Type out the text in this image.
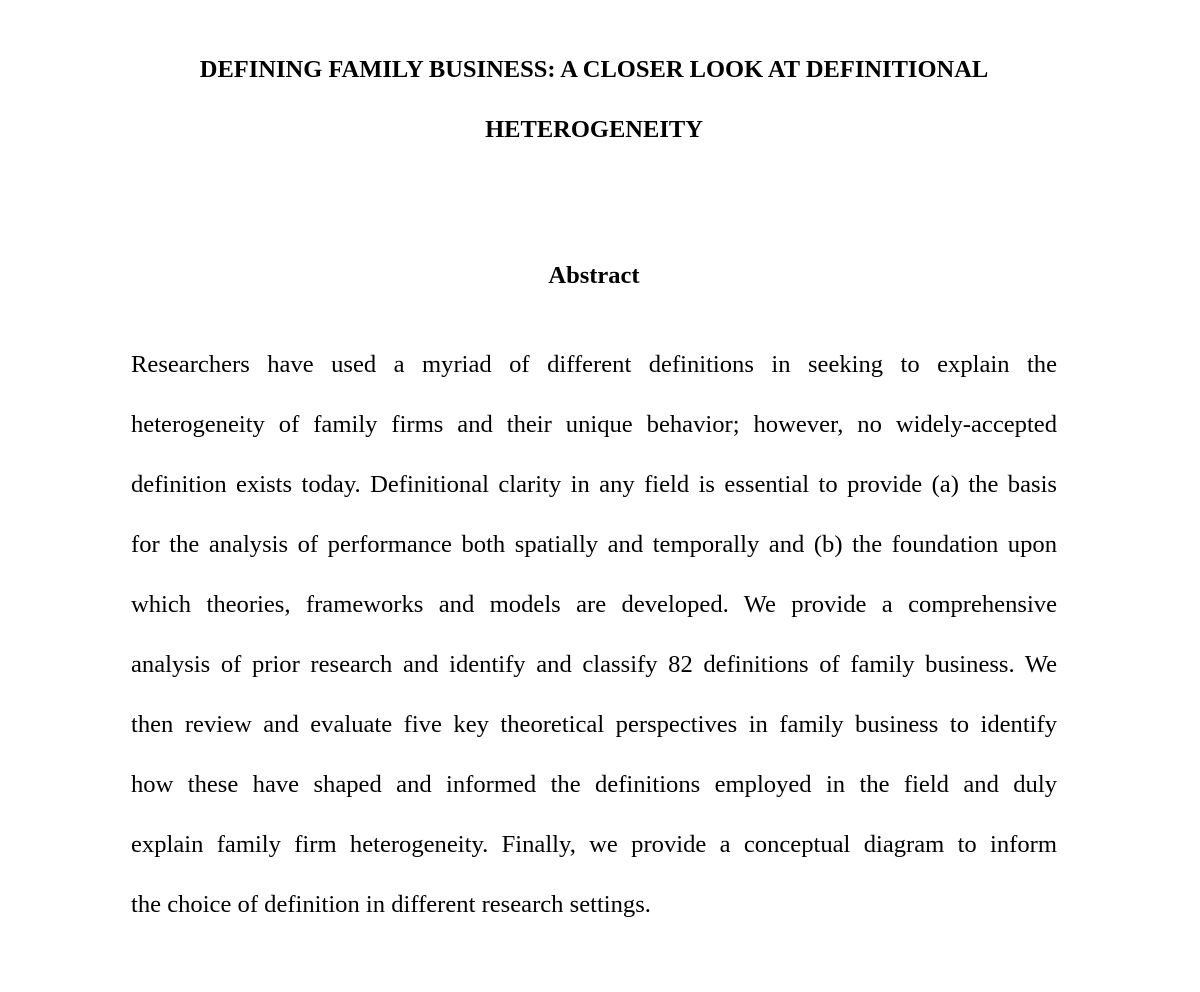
DEFINING FAMILY BUSINESS: A CLOSER LOOK AT DEFINITIONAL
HETEROGENEITY
Abstract
Researchers have used a myriad of different definitions in seeking to explain the
heterogeneity of family firms and their unique behavior; however, no widely-accepted
definition exists today. Definitional clarity in any field is essential to provide (a) the basis
for the analysis of performance both spatially and temporally and (b) the foundation upon
which theories, frameworks and models are developed. We provide a comprehensive
analysis of prior research and identify and classify 82 definitions of family business. We
then review and evaluate five key theoretical perspectives in family business to identify
how these have shaped and informed the definitions employed in the field and duly
explain family firm heterogeneity. Finally, we provide a conceptual diagram to inform
the choice of definition in different research settings.
